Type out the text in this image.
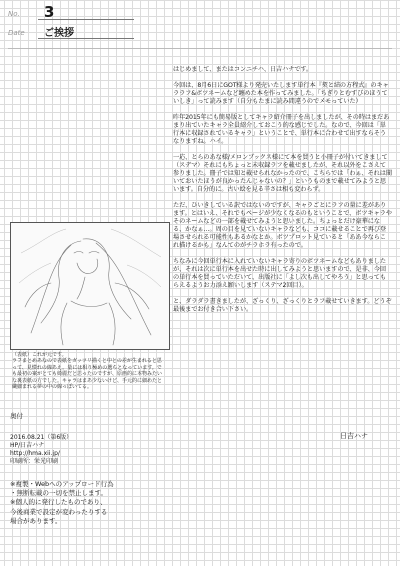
No. 3
Date ご挨拶

はじめまして、またはコンニチハ、日吉ハナです。

今回は、8月6日にGOT様より発売いたします単行本『契と結の方程式』のキャララフ&ボツネームなど纏めた本を作ってみました。「ちぎりとむすびのほうていしき」って読みます（自分もたまに読み間違うのでメモっていた）

昨年2015年にも簡易版としてキャラ紹介冊子を出しましたが、その時はまだあまり出ていたキャラ全員紹介しておこう的な感じでした。なので、今回は「単行本に収録されているキャラ」ということで、単行本に合わせて出すならそうなりますね。ハイ。

一応、とらのあな様/メロンブックス様にて本を買うと小冊子が付いてきまして（スデマ）それにもちょっと未収録ラフを載せましたが、それ以外をこさえて参りました。冊子では知と載せられなかったので、こちらでは「わぁ、それは聞いておいたほうが良かったんじゃないの？」というものまで載せてみようと思います。自分的に。古い絵を見る辛さは相も変わらず。

ただ、ひいきしている訳ではないのですが、キャラごとにラフの量に差があります。とはいえ、それでもページが少なくなるのもということで、ボツキャラやそのネームなどの一部を載せてみようと思いました。ちょっとだけ豪華になる、かなぁ…。周の目を見ていないキャラなども、ココに載せることで再び登場させられる可能性もあるかなとか。ボツプロット見ていると「ああ今ならこれ描けるかも」なんてのがチラホラ有ったので。

ちなみに今回単行本に入れていないキャラ寄りのボツネームなどもありましたが、それは次に単行本を出せた時に出してみようと思いますので、是非、今回の単行本を買っていただいて、出版社に「よし次も出してやろう」と思ってもらえるようお力添え願いします（ステマ2回目）。

と、ダラダラ書きましたが、ざっくり、ざっくりとラフ載せていきます。どうぞ最後までお付き合い下さい。

日吉ハナ
（表紙）これが元です。
ラフまとめあなので表紙をガッツリ描くと中との差が生まれると思って、見慣れの線あえ。量には相り極めの選ちとなっています。でも最初の案がとても綺麗だと思ったのですが、原画的に本物みたいな裏表紙の方でした。キャラはまあ少ないけど、手元的に細めたと繊細まれる夢の中の線っぽいてる。
奥付
2016.08.21（第6版）
HP/日吉ハナ
http://hma.xii.jp/
印刷所：栄光印刷
※複製・Webへのアップロード行為
・無断転載の一切を禁止します。
※個人的に発行したものであり、
今後商業で設定が変わったりする
場合があります。
